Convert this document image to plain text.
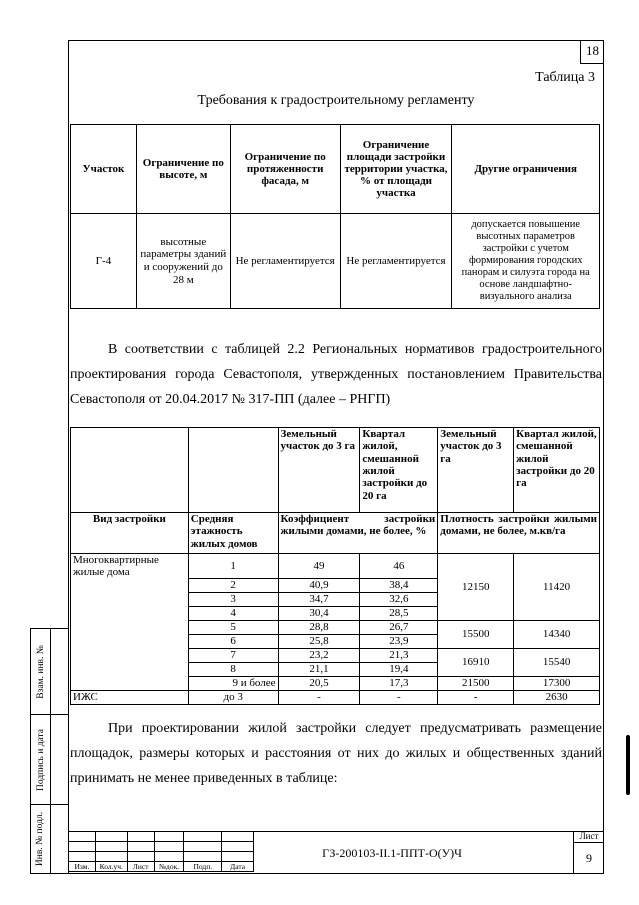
18
Таблица 3
Требования к градостроительному регламенту
Участок	Ограничение по высоте, м	Ограничение по протяженности фасада, м	Ограничение площади застройки территории участка, % от площади участка	Другие ограничения
Г-4	высотные параметры зданий и сооружений до 28 м	Не регламентируется	Не регламентируется	допускается повышение высотных параметров застройки с учетом формирования городских панорам и силуэта города на основе ландшафтно-визуального анализа

В соответствии с таблицей 2.2 Региональных нормативов градостроительного проектирования города Севастополя, утвержденных постановлением Правительства Севастополя от 20.04.2017 № 317-ПП (далее – РНГП)

		Земельный участок до 3 га	Квартал жилой, смешанной жилой застройки до 20 га	Земельный участок до 3 га	Квартал жилой, смешанной жилой застройки до 20 га
Вид застройки	Средняя этажность жилых домов	Коэффициент застройки жилыми домами, не более, %		Плотность застройки жилыми домами, не более, м.кв/га	
Многоквартирные жилые дома	1	49	46	12150	11420
	2	40,9	38,4		
	3	34,7	32,6		
	4	30,4	28,5		
	5	28,8	26,7	15500	14340
	6	25,8	23,9		
	7	23,2	21,3	16910	15540
	8	21,1	19,4		
	9 и более	20,5	17,3	21500	17300
ИЖС	до 3	-	-	-	2630

При проектировании жилой застройки следует предусматривать размещение площадок, размеры которых и расстояния от них до жилых и общественных зданий принимать не менее приведенных в таблице:

Взам. инв. №
Подпись и дата
Инв. № подл.

Изм.	Кол.уч.	Лист	№док.	Подп.	Дата
ГЗ-200103-II.1-ППТ-О(У)Ч
Лист
9
